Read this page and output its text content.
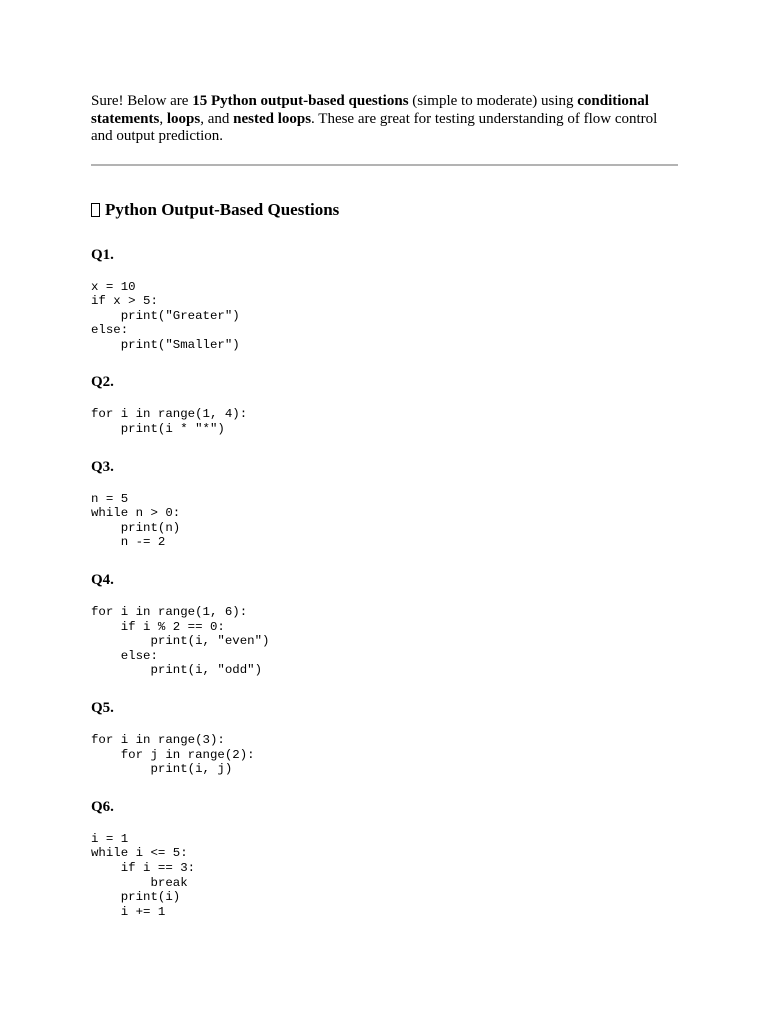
Sure! Below are 15 Python output-based questions (simple to moderate) using conditional statements, loops, and nested loops. These are great for testing understanding of flow control and output prediction.

Python Output-Based Questions
Q1.
x = 10
if x > 5:
print("Greater")
else:
print("Smaller")
Q2.
for i in range(1, 4):
print(i * "*")
Q3.
n = 5
while n > 0:
print(n)
n -= 2
Q4.
for i in range(1, 6):
if i % 2 == 0:
print(i, "even")
else:
print(i, "odd")
Q5.
for i in range(3):
for j in range(2):
print(i, j)
Q6.
i = 1
while i <= 5:
if i == 3:
break
print(i)
i += 1
